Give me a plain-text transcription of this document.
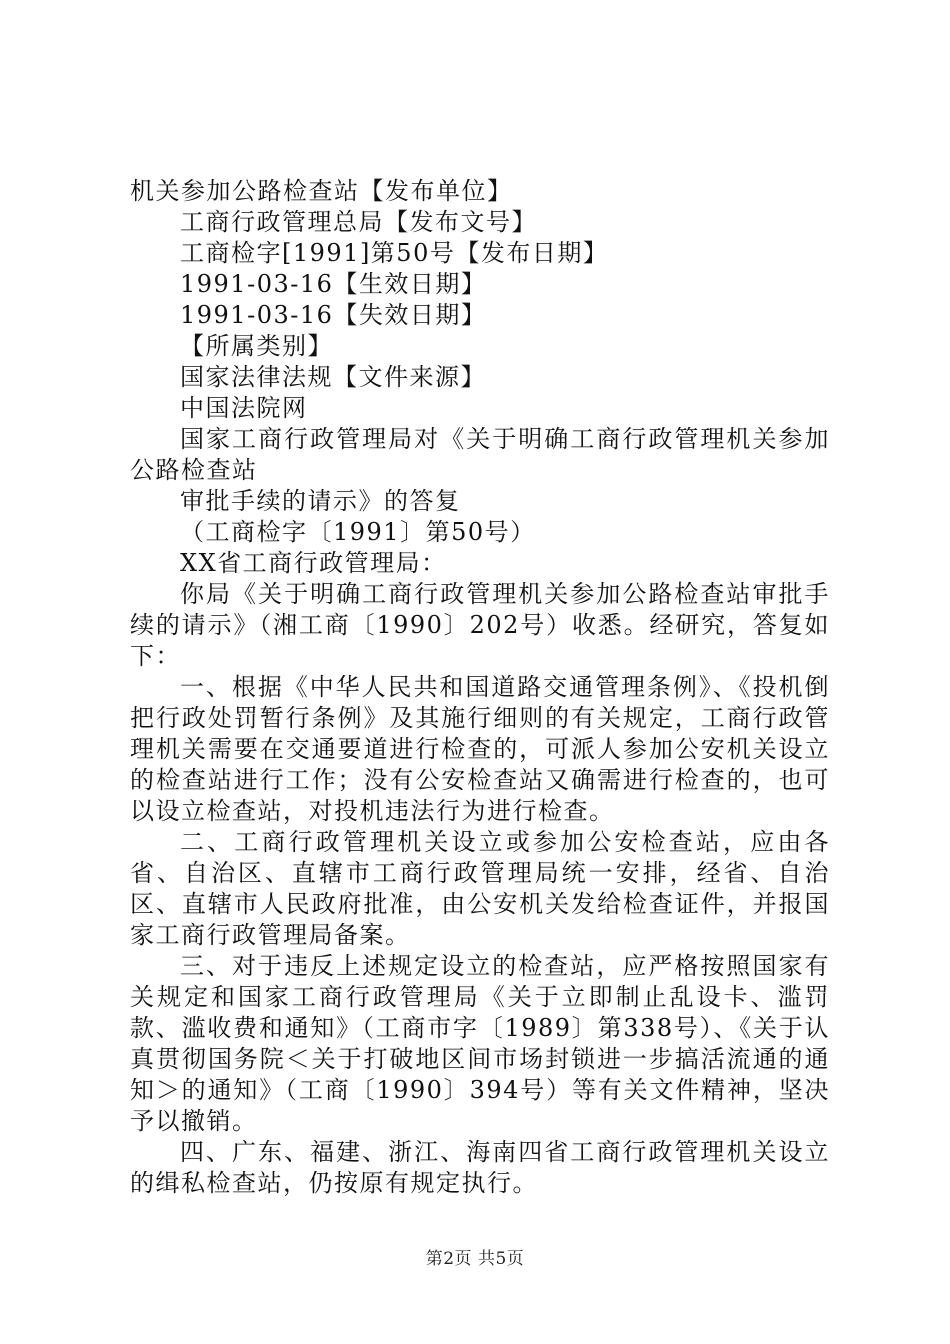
机关参加公路检查站【发布单位】

工商行政管理总局【发布文号】

工商检字[1991]第50号【发布日期】

1991-03-16【生效日期】

1991-03-16【失效日期】

【所属类别】

国家法律法规【文件来源】

中国法院网

国家工商行政管理局对《关于明确工商行政管理机关参加公路检查站

审批手续的请示》的答复

（工商检字〔1991〕第50号）

XX省工商行政管理局：

你局《关于明确工商行政管理机关参加公路检查站审批手续的请示》（湘工商〔1990〕202号）收悉。经研究，答复如下：

一、根据《中华人民共和国道路交通管理条例》、《投机倒把行政处罚暂行条例》及其施行细则的有关规定，工商行政管理机关需要在交通要道进行检查的，可派人参加公安机关设立的检查站进行工作；没有公安检查站又确需进行检查的，也可以设立检查站，对投机违法行为进行检查。

二、工商行政管理机关设立或参加公安检查站，应由各省、自治区、直辖市工商行政管理局统一安排，经省、自治区、直辖市人民政府批准，由公安机关发给检查证件，并报国家工商行政管理局备案。

三、对于违反上述规定设立的检查站，应严格按照国家有关规定和国家工商行政管理局《关于立即制止乱设卡、滥罚款、滥收费和通知》（工商市字〔1989〕第338号）、《关于认真贯彻国务院＜关于打破地区间市场封锁进一步搞活流通的通知＞的通知》（工商〔1990〕394号）等有关文件精神，坚决予以撤销。

四、广东、福建、浙江、海南四省工商行政管理机关设立的缉私检查站，仍按原有规定执行。

第2页 共5页
